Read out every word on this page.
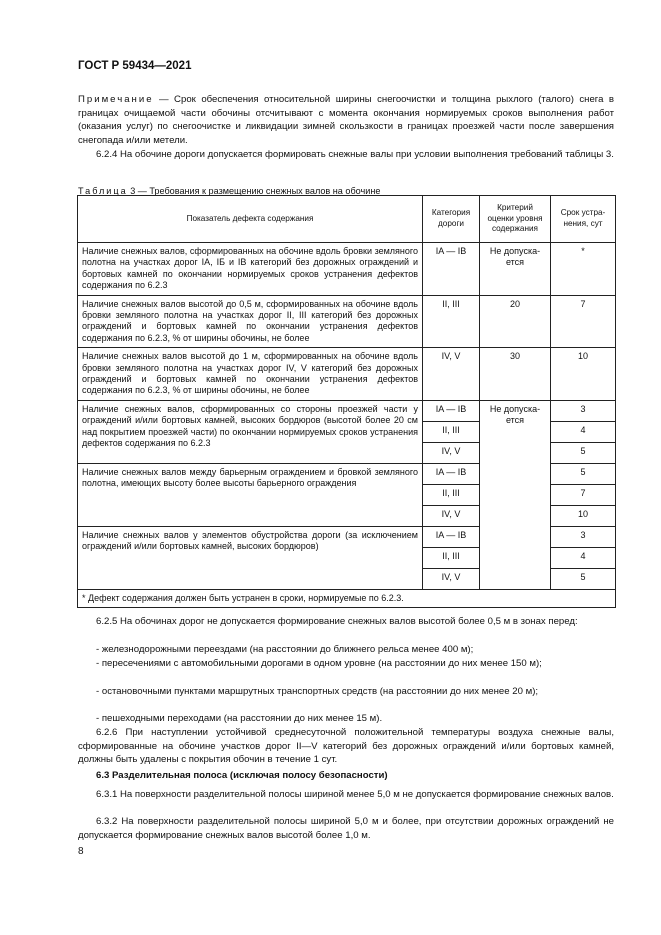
ГОСТ Р 59434—2021
Примечание — Срок обеспечения относительной ширины снегоочистки и толщина рыхлого (талого) снега в границах очищаемой части обочины отсчитывают с момента окончания нормируемых сроков выполнения работ (оказания услуг) по снегоочистке и ликвидации зимней скользкости в границах проезжей части после завершения снегопада и/или метели.
6.2.4 На обочине дороги допускается формировать снежные валы при условии выполнения требований таблицы 3.
Таблица 3 — Требования к размещению снежных валов на обочине
Показатель дефекта содержания	Категория дороги	Критерий оценки уровня содержания	Срок устра- нения, сут
Наличие снежных валов, сформированных на обочине вдоль бровки земляного полотна на участках дорог IA, IБ и IB категорий без дорожных ограждений и бортовых камней по окончании нормируемых сроков устранения дефектов содержания по 6.2.3	IA — IB	Не допуска- ется	*
Наличие снежных валов высотой до 0,5 м, сформированных на обочине вдоль бровки земляного полотна на участках дорог II, III категорий без дорожных ограждений и бортовых камней по окончании устранения дефектов содержания по 6.2.3, % от ширины обочины, не более	II, III	20	7
Наличие снежных валов высотой до 1 м, сформированных на обочине вдоль бровки земляного полотна на участках дорог IV, V категорий без дорожных ограждений и бортовых камней по окончании устранения дефектов содержания по 6.2.3, % от ширины обочины, не более	IV, V	30	10
Наличие снежных валов, сформированных со стороны проезжей части у ограждений и/или бортовых камней, высоких бордюров (высотой более 20 см над покрытием проезжей части) по окончании нормируемых сроков устранения дефектов содержания по 6.2.3	IA — IB	Не допуска- ется	3
	II, III		4
	IV, V		5
Наличие снежных валов между барьерным ограждением и бровкой земляного полотна, имеющих высоту более высоты барьерного ограждения	IA — IB		5
	II, III		7
	IV, V		10
Наличие снежных валов у элементов обустройства дороги (за исключением ограждений и/или бортовых камней, высоких бордюров)	IA — IB		3
	II, III		4
	IV, V		5
* Дефект содержания должен быть устранен в сроки, нормируемые по 6.2.3.			
6.2.5 На обочинах дорог не допускается формирование снежных валов высотой более 0,5 м в зонах перед:
- железнодорожными переездами (на расстоянии до ближнего рельса менее 400 м);
- пересечениями с автомобильными дорогами в одном уровне (на расстоянии до них менее 150 м);
- остановочными пунктами маршрутных транспортных средств (на расстоянии до них менее 20 м);
- пешеходными переходами (на расстоянии до них менее 15 м).
6.2.6 При наступлении устойчивой среднесуточной положительной температуры воздуха снежные валы, сформированные на обочине участков дорог II—V категорий без дорожных ограждений и/или бортовых камней, должны быть удалены с покрытия обочин в течение 1 сут.
6.3 Разделительная полоса (исключая полосу безопасности)
6.3.1 На поверхности разделительной полосы шириной менее 5,0 м не допускается формирование снежных валов.
6.3.2 На поверхности разделительной полосы шириной 5,0 м и более, при отсутствии дорожных ограждений не допускается формирование снежных валов высотой более 1,0 м.
8
